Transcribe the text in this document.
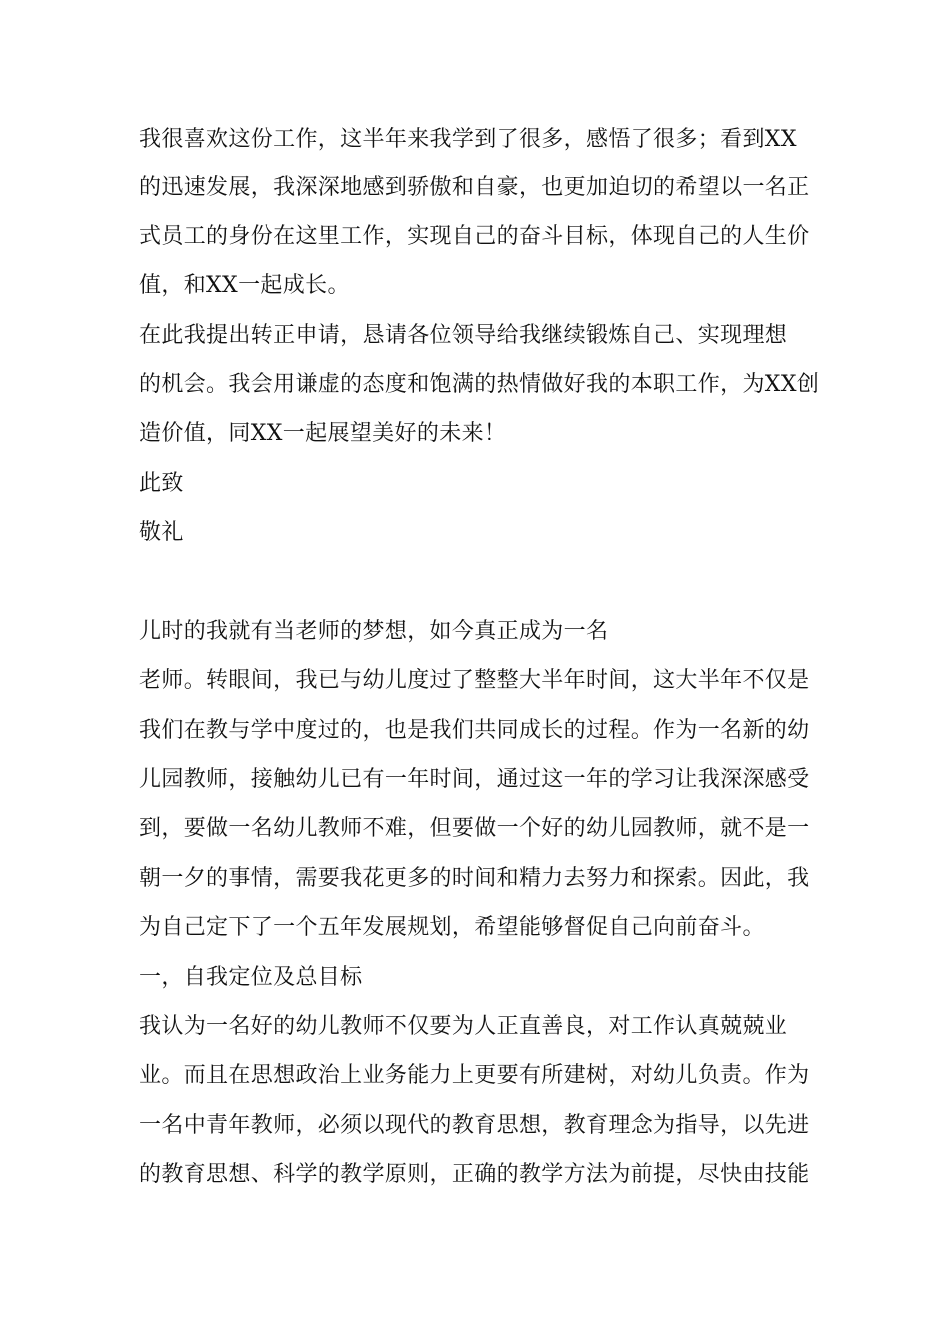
我很喜欢这份工作，这半年来我学到了很多，感悟了很多；看到XX
的迅速发展，我深深地感到骄傲和自豪，也更加迫切的希望以一名正
式员工的身份在这里工作，实现自己的奋斗目标，体现自己的人生价
值，和XX一起成长。
在此我提出转正申请，恳请各位领导给我继续锻炼自己、实现理想
的机会。我会用谦虚的态度和饱满的热情做好我的本职工作，为XX创
造价值，同XX一起展望美好的未来！
此致
敬礼
儿时的我就有当老师的梦想，如今真正成为一名
老师。转眼间，我已与幼儿度过了整整大半年时间，这大半年不仅是
我们在教与学中度过的，也是我们共同成长的过程。作为一名新的幼
儿园教师，接触幼儿已有一年时间，通过这一年的学习让我深深感受
到，要做一名幼儿教师不难，但要做一个好的幼儿园教师，就不是一
朝一夕的事情，需要我花更多的时间和精力去努力和探索。因此，我
为自己定下了一个五年发展规划，希望能够督促自己向前奋斗。
一，自我定位及总目标
我认为一名好的幼儿教师不仅要为人正直善良，对工作认真兢兢业
业。而且在思想政治上业务能力上更要有所建树，对幼儿负责。作为
一名中青年教师，必须以现代的教育思想，教育理念为指导，以先进
的教育思想、科学的教学原则，正确的教学方法为前提，尽快由技能
